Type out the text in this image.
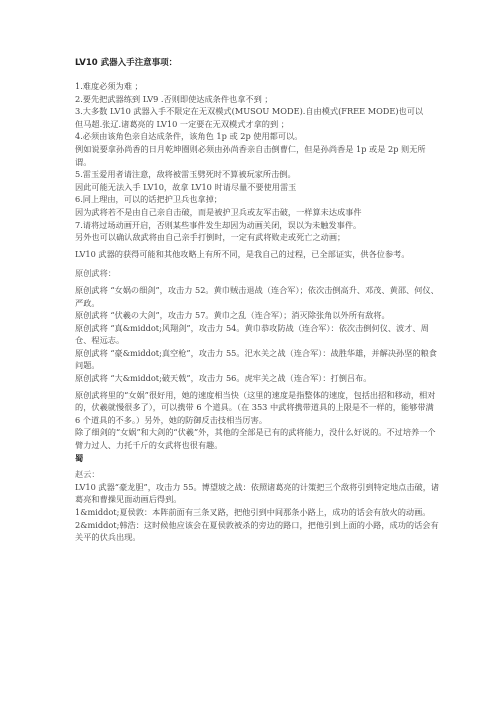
LV10 武器入手注意事项：

1.难度必须为难 ；

2.要先把武器练到 LV9 .否则即使达成条件也拿不到 ；

3.大多数 LV10 武器入手不限定在无双模式(MUSOU MODE).自由模式(FREE MODE)也可以

但马超.张辽.诸葛亮的 LV10 一定要在无双模式才拿的到 ；

4.必须由该角色亲自达成条件，该角色 1p 或 2p 使用都可以。

例如说要拿孙尚香的日月乾坤圈则必须由孙尚香亲自击倒曹仁，但是孙尚香是 1p 或是 2p 则无所谓。

5.雷玉爱用者请注意，敌将被雷玉劈死时不算被玩家所击倒。

因此可能无法入手 LV10，故拿 LV10 时请尽量不要使用雷玉

6.同上理由，可以的话把护卫兵也拿掉；

因为武将若不是由自己亲自击破，而是被护卫兵或友军击破，一样算未达成事件

7.请将过场动画开启，否则某些事件发生却因为动画关闭，误以为未触发事件。

另外也可以确认敌武将由自己亲手打倒时，一定有武将败走或死亡之动画；

LV10 武器的获得可能和其他攻略上有所不同，是我自己的过程，已全部证实，供各位参考。

原创武将：

原创武将 “女娲の细剑”，攻击力 52。黄巾贼击退战（连合军）；依次击倒高升、邓茂、黄邵、何仪、严政。

原创武将 “伏羲の大剑”，攻击力 57。黄巾之乱（连合军）；消灭除张角以外所有敌将。

原创武将 “真&middot;风翔剑”，攻击力 54。黄巾恭攻防战（连合军）：依次击倒何仪、波才、周仓、程远志。

原创武将 “豪&middot;真空枪”，攻击力 55。汜水关之战（连合军）：战胜华雄，并解决孙坚的粮食问题。

原创武将 “大&middot;破天戟”，攻击力 56。虎牢关之战（连合军）：打倒吕布。

原创武将里的“女娲”很好用，她的速度相当快（这里的速度是指整体的速度，包括出招和移动，相对的，伏羲就慢很多了），可以携带 6 个道具。（在 353 中武将携带道具的上限是不一样的，能够带满 6 个道具的不多。）另外，她的防御反击技相当厉害。

除了细剑的“女娲”和大剑的“伏羲”外，其他的全部是已有的武将能力，没什么好说的。不过培养一个臂力过人、力托千斤的女武将也很有趣。

蜀

赵云：

LV10 武器“豪龙胆”，攻击力 55。博望坡之战：依照诸葛亮的计策把三个敌将引到特定地点击破，诸葛亮和曹操见面动画后得到。

1&middot;夏侯敦：本阵前面有三条叉路，把他引到中间那条小路上，成功的话会有放火的动画。

2&middot;韩浩：这时候他应该会在夏侯敦被杀的旁边的路口，把他引到上面的小路，成功的话会有关平的伏兵出现。
